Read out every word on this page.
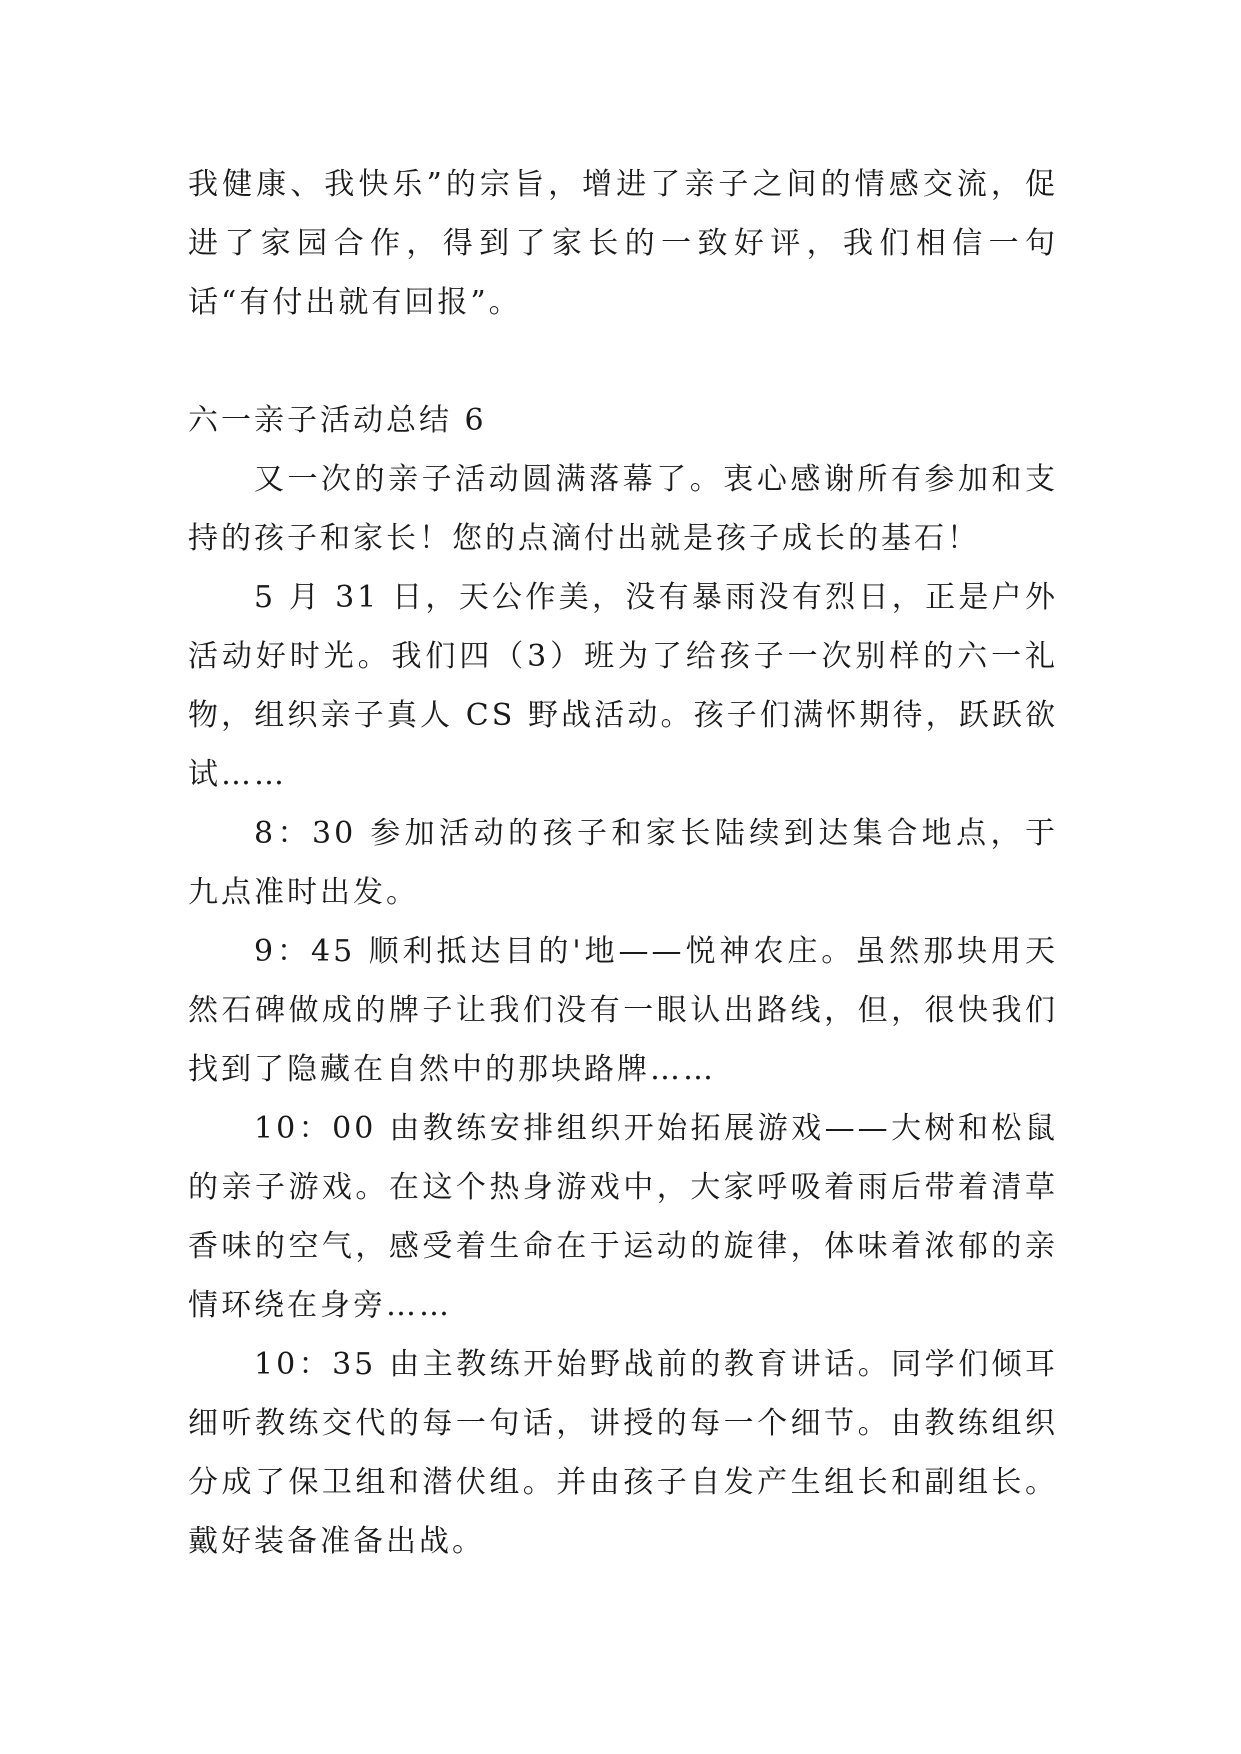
我健康、我快乐”的宗旨，增进了亲子之间的情感交流，促进了家园合作，得到了家长的一致好评，我们相信一句话“有付出就有回报”。

六一亲子活动总结 6

又一次的亲子活动圆满落幕了。衷心感谢所有参加和支持的孩子和家长！您的点滴付出就是孩子成长的基石！

5 月 31 日，天公作美，没有暴雨没有烈日，正是户外活动好时光。我们四（3）班为了给孩子一次别样的六一礼物，组织亲子真人 CS 野战活动。孩子们满怀期待，跃跃欲试……

8：30 参加活动的孩子和家长陆续到达集合地点，于九点准时出发。

9：45 顺利抵达目的'地——悦神农庄。虽然那块用天然石碑做成的牌子让我们没有一眼认出路线，但，很快我们找到了隐藏在自然中的那块路牌……

10：00 由教练安排组织开始拓展游戏——大树和松鼠的亲子游戏。在这个热身游戏中，大家呼吸着雨后带着清草香味的空气，感受着生命在于运动的旋律，体味着浓郁的亲情环绕在身旁……

10：35 由主教练开始野战前的教育讲话。同学们倾耳细听教练交代的每一句话，讲授的每一个细节。由教练组织分成了保卫组和潜伏组。并由孩子自发产生组长和副组长。戴好装备准备出战。
